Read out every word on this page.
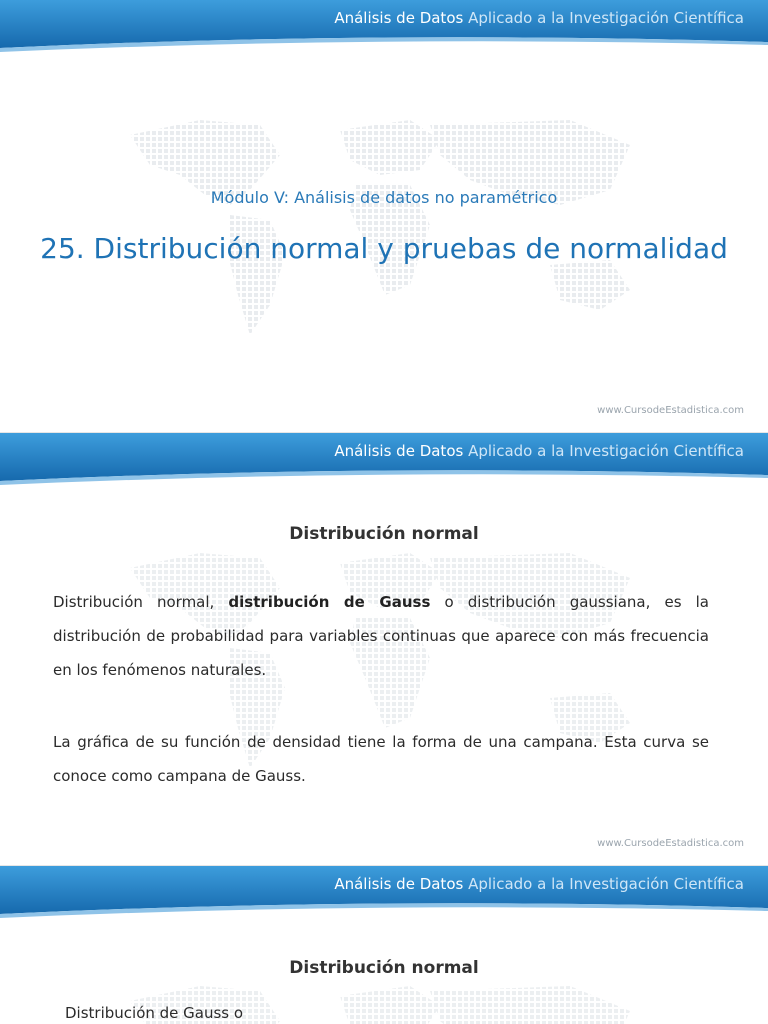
Análisis de Datos Aplicado a la Investigación Científica
Módulo V: Análisis de datos no paramétrico
25. Distribución normal y pruebas de normalidad
www.CursodeEstadistica.com
Análisis de Datos Aplicado a la Investigación Científica
Distribución normal
Distribución normal, distribución de Gauss o distribución gaussiana, es la distribución de probabilidad para variables continuas que aparece con más frecuencia en los fenómenos naturales.
La gráfica de su función de densidad tiene la forma de una campana. Esta curva se conoce como campana de Gauss.
www.CursodeEstadistica.com
Análisis de Datos Aplicado a la Investigación Científica
Distribución normal
Distribución de Gauss o
